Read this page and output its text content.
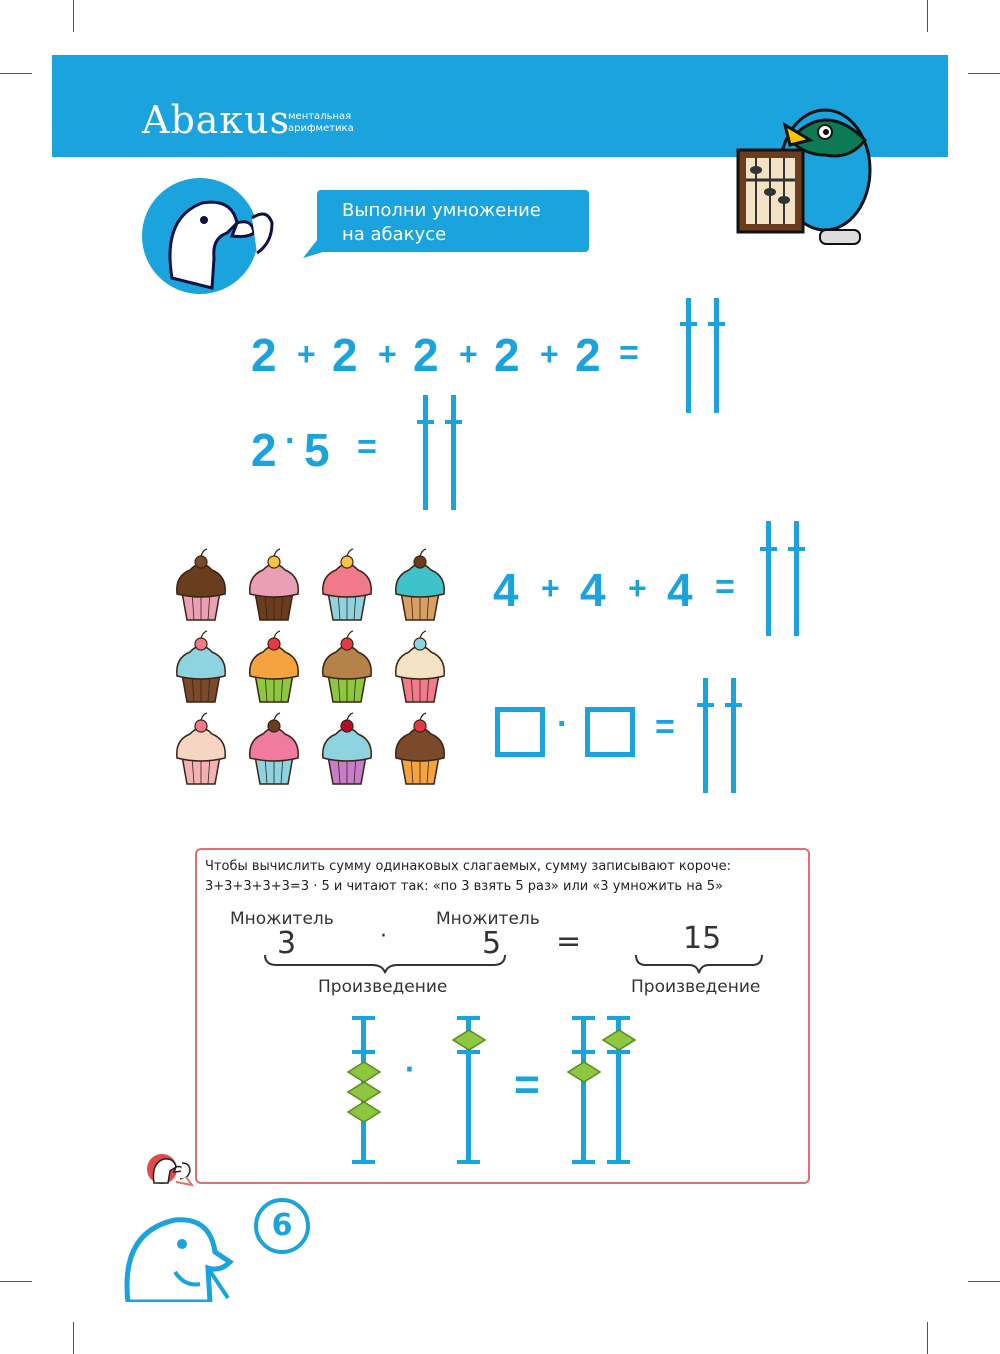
Abaкus
ментальная
арифметика
Выполни умножение
на абакусе
2 + 2 + 2 + 2 + 2 =
2 · 5 =
4 + 4 + 4 =
·	=
Чтобы вычислить сумму одинаковых слагаемых, сумму записывают короче:
3+3+3+3+3=3 · 5 и читают так: «по 3 взять 5 раз» или «3 умножить на 5»
Множитель	Множитель
3	·	5 =	15
Произведение	Произведение
· =
6
